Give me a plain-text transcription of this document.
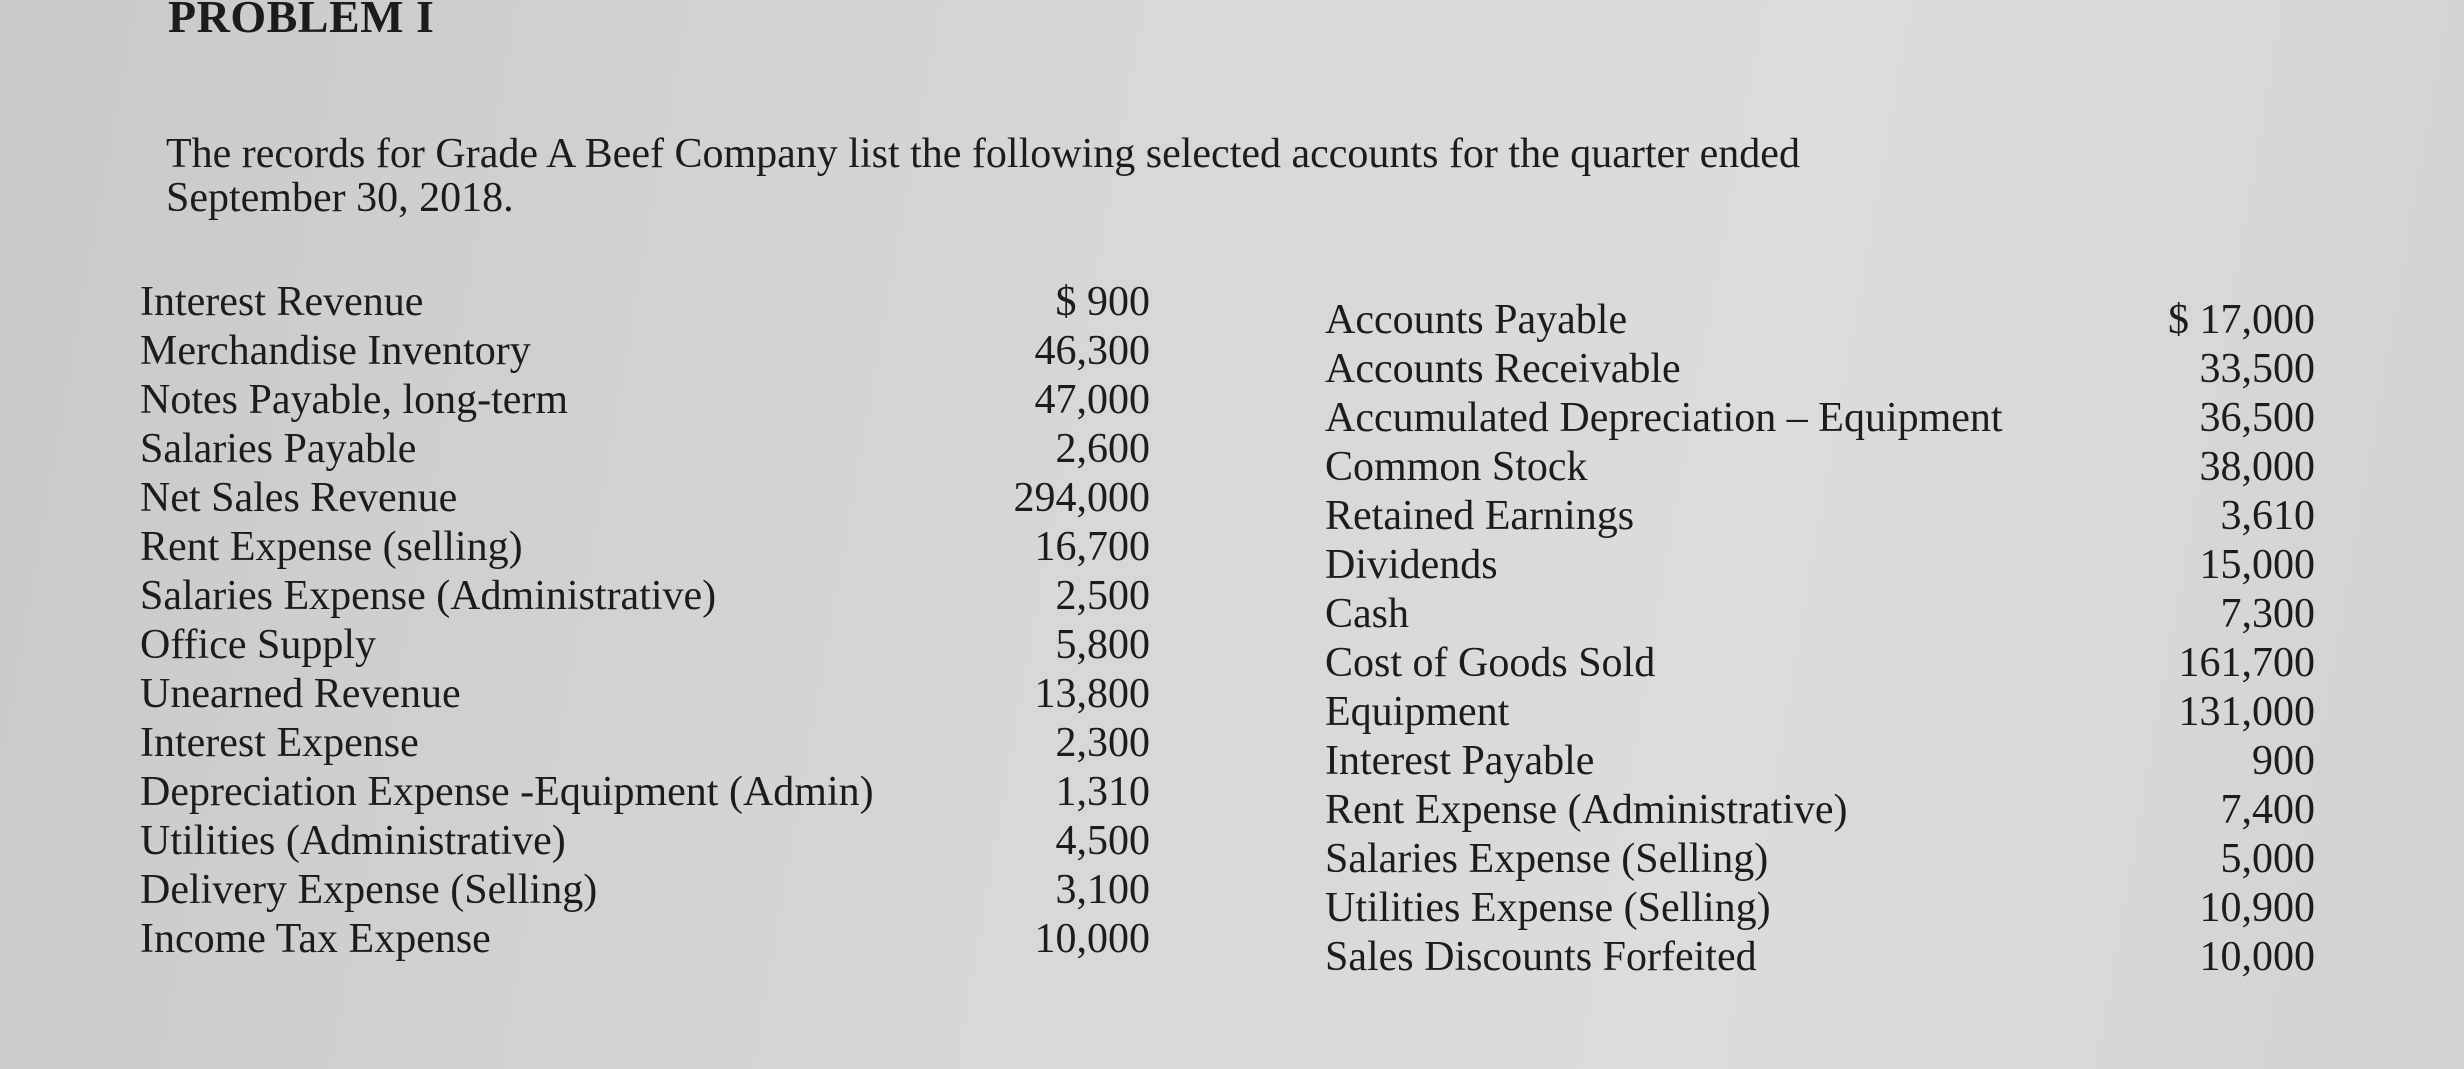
PROBLEM I
The records for Grade A Beef Company list the following selected accounts for the quarter ended
September 30, 2018.
Interest Revenue	$ 900
Merchandise Inventory	46,300
Notes Payable, long-term	47,000
Salaries Payable	2,600
Net Sales Revenue	294,000
Rent Expense (selling)	16,700
Salaries Expense (Administrative)	2,500
Office Supply	5,800
Unearned Revenue	13,800
Interest Expense	2,300
Depreciation Expense -Equipment (Admin)	1,310
Utilities (Administrative)	4,500
Delivery Expense (Selling)	3,100
Income Tax Expense	10,000
Accounts Payable	$ 17,000
Accounts Receivable	33,500
Accumulated Depreciation – Equipment	36,500
Common Stock	38,000
Retained Earnings	3,610
Dividends	15,000
Cash	7,300
Cost of Goods Sold	161,700
Equipment	131,000
Interest Payable	900
Rent Expense (Administrative)	7,400
Salaries Expense (Selling)	5,000
Utilities Expense (Selling)	10,900
Sales Discounts Forfeited	10,000
